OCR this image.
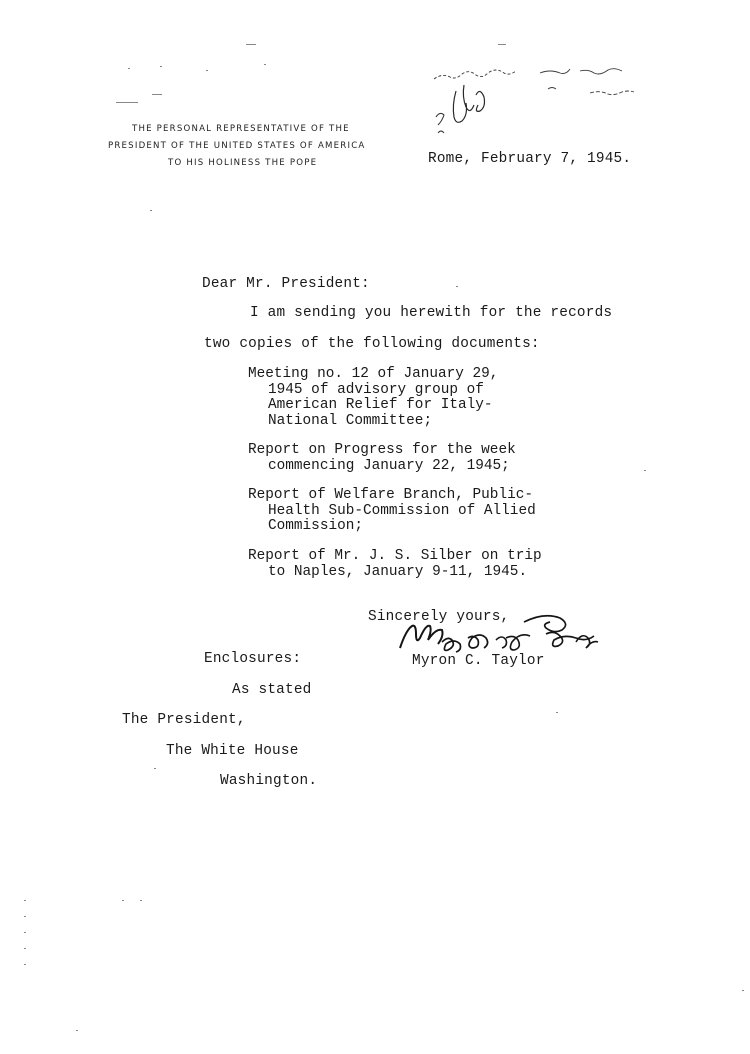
THE PERSONAL REPRESENTATIVE OF THE
PRESIDENT OF THE UNITED STATES OF AMERICA
TO HIS HOLINESS THE POPE	Rome, February 7, 1945.
Dear Mr. President:
I am sending you herewith for the records
two copies of the following documents:
Meeting no. 12 of January 29,
1945 of advisory group of
American Relief for Italy-
National Committee;
Report on Progress for the week
commencing January 22, 1945;
Report of Welfare Branch, Public-
Health Sub-Commission of Allied
Commission;
Report of Mr. J. S. Silber on trip
to Naples, January 9-11, 1945.
Sincerely yours,
Myron C. Taylor
Enclosures:
As stated
The President,
The White House
Washington.
